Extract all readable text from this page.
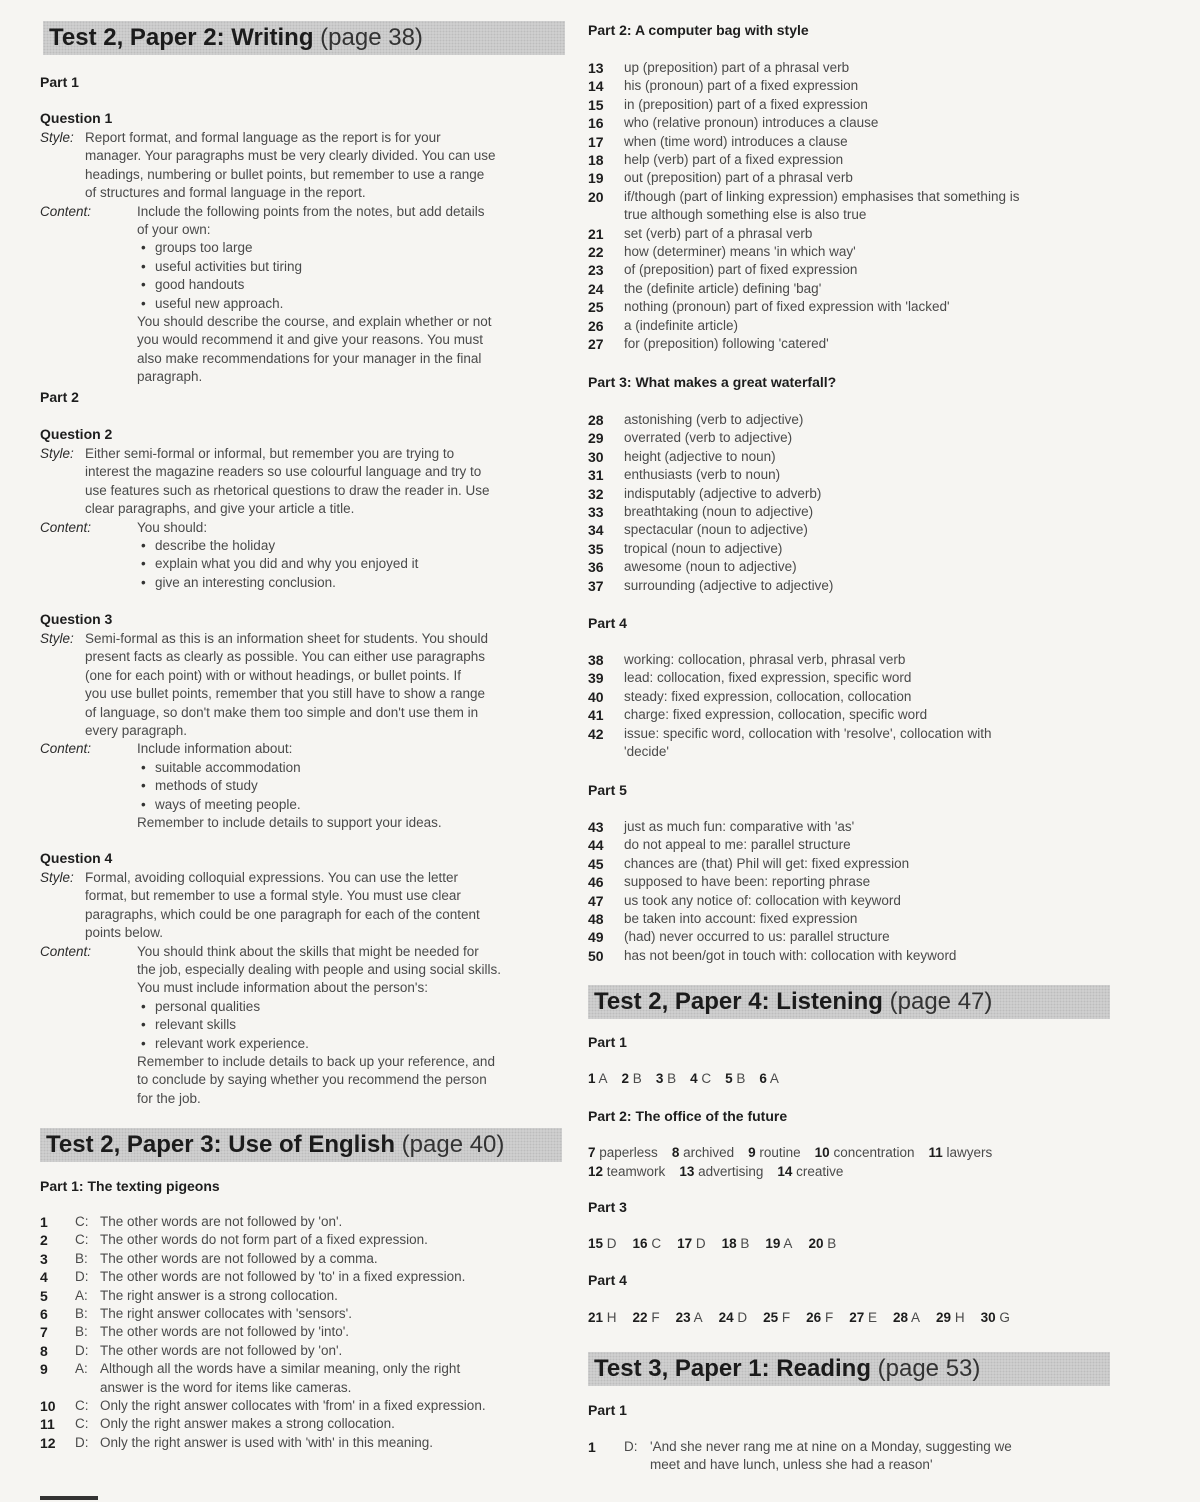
Test 2, Paper 2: Writing (page 38)
Part 1
Question 1
Style: Report format, and formal language as the report is for your
manager. Your paragraphs must be very clearly divided. You can use
headings, numbering or bullet points, but remember to use a range
of structures and formal language in the report.
Content:	Include the following points from the notes, but add details
of your own:
• groups too large
• useful activities but tiring
• good handouts
• useful new approach.
You should describe the course, and explain whether or not
you would recommend it and give your reasons. You must
also make recommendations for your manager in the final
paragraph.
Part 2
Question 2
Style: Either semi-formal or informal, but remember you are trying to
interest the magazine readers so use colourful language and try to
use features such as rhetorical questions to draw the reader in. Use
clear paragraphs, and give your article a title.
Content:	You should:
• describe the holiday
• explain what you did and why you enjoyed it
• give an interesting conclusion.
Question 3
Style: Semi-formal as this is an information sheet for students. You should
present facts as clearly as possible. You can either use paragraphs
(one for each point) with or without headings, or bullet points. If
you use bullet points, remember that you still have to show a range
of language, so don't make them too simple and don't use them in
every paragraph.
Content:	Include information about:
• suitable accommodation
• methods of study
• ways of meeting people.
Remember to include details to support your ideas.
Question 4
Style: Formal, avoiding colloquial expressions. You can use the letter
format, but remember to use a formal style. You must use clear
paragraphs, which could be one paragraph for each of the content
points below.
Content:	You should think about the skills that might be needed for
the job, especially dealing with people and using social skills.
You must include information about the person's:
• personal qualities
• relevant skills
• relevant work experience.
Remember to include details to back up your reference, and
to conclude by saying whether you recommend the person
for the job.
Test 2, Paper 3: Use of English (page 40)
Part 1: The texting pigeons
1	C: The other words are not followed by 'on'.
2	C: The other words do not form part of a fixed expression.
3	B: The other words are not followed by a comma.
4	D: The other words are not followed by 'to' in a fixed expression.
5	A: The right answer is a strong collocation.
6	B: The right answer collocates with 'sensors'.
7	B: The other words are not followed by 'into'.
8	D: The other words are not followed by 'on'.
9	A: Although all the words have a similar meaning, only the right
answer is the word for items like cameras.
10	C: Only the right answer collocates with 'from' in a fixed expression.
11	C: Only the right answer makes a strong collocation.
12	D: Only the right answer is used with 'with' in this meaning.
Part 2: A computer bag with style
13	up (preposition) part of a phrasal verb
14	his (pronoun) part of a fixed expression
15	in (preposition) part of a fixed expression
16	who (relative pronoun) introduces a clause
17	when (time word) introduces a clause
18	help (verb) part of a fixed expression
19	out (preposition) part of a phrasal verb
20	if/though (part of linking expression) emphasises that something is
true although something else is also true
21	set (verb) part of a phrasal verb
22	how (determiner) means 'in which way'
23	of (preposition) part of fixed expression
24	the (definite article) defining 'bag'
25	nothing (pronoun) part of fixed expression with 'lacked'
26	a (indefinite article)
27	for (preposition) following 'catered'
Part 3: What makes a great waterfall?
28	astonishing (verb to adjective)
29	overrated (verb to adjective)
30	height (adjective to noun)
31	enthusiasts (verb to noun)
32	indisputably (adjective to adverb)
33	breathtaking (noun to adjective)
34	spectacular (noun to adjective)
35	tropical (noun to adjective)
36	awesome (noun to adjective)
37	surrounding (adjective to adjective)
Part 4
38	working: collocation, phrasal verb, phrasal verb
39	lead: collocation, fixed expression, specific word
40	steady: fixed expression, collocation, collocation
41	charge: fixed expression, collocation, specific word
42	issue: specific word, collocation with 'resolve', collocation with
'decide'
Part 5
43	just as much fun: comparative with 'as'
44	do not appeal to me: parallel structure
45	chances are (that) Phil will get: fixed expression
46	supposed to have been: reporting phrase
47	us took any notice of: collocation with keyword
48	be taken into account: fixed expression
49	(had) never occurred to us: parallel structure
50	has not been/got in touch with: collocation with keyword
Test 2, Paper 4: Listening (page 47)
Part 1
1 A 2 B 3 B 4 C 5 B 6 A
Part 2: The office of the future
7 paperless 8 archived 9 routine 10 concentration 11 lawyers
12 teamwork 13 advertising 14 creative
Part 3
15 D 16 C 17 D 18 B 19 A 20 B
Part 4
21 H 22 F 23 A 24 D 25 F 26 F 27 E 28 A 29 H 30 G
Test 3, Paper 1: Reading (page 53)
Part 1
1	D: 'And she never rang me at nine on a Monday, suggesting we
meet and have lunch, unless she had a reason'
